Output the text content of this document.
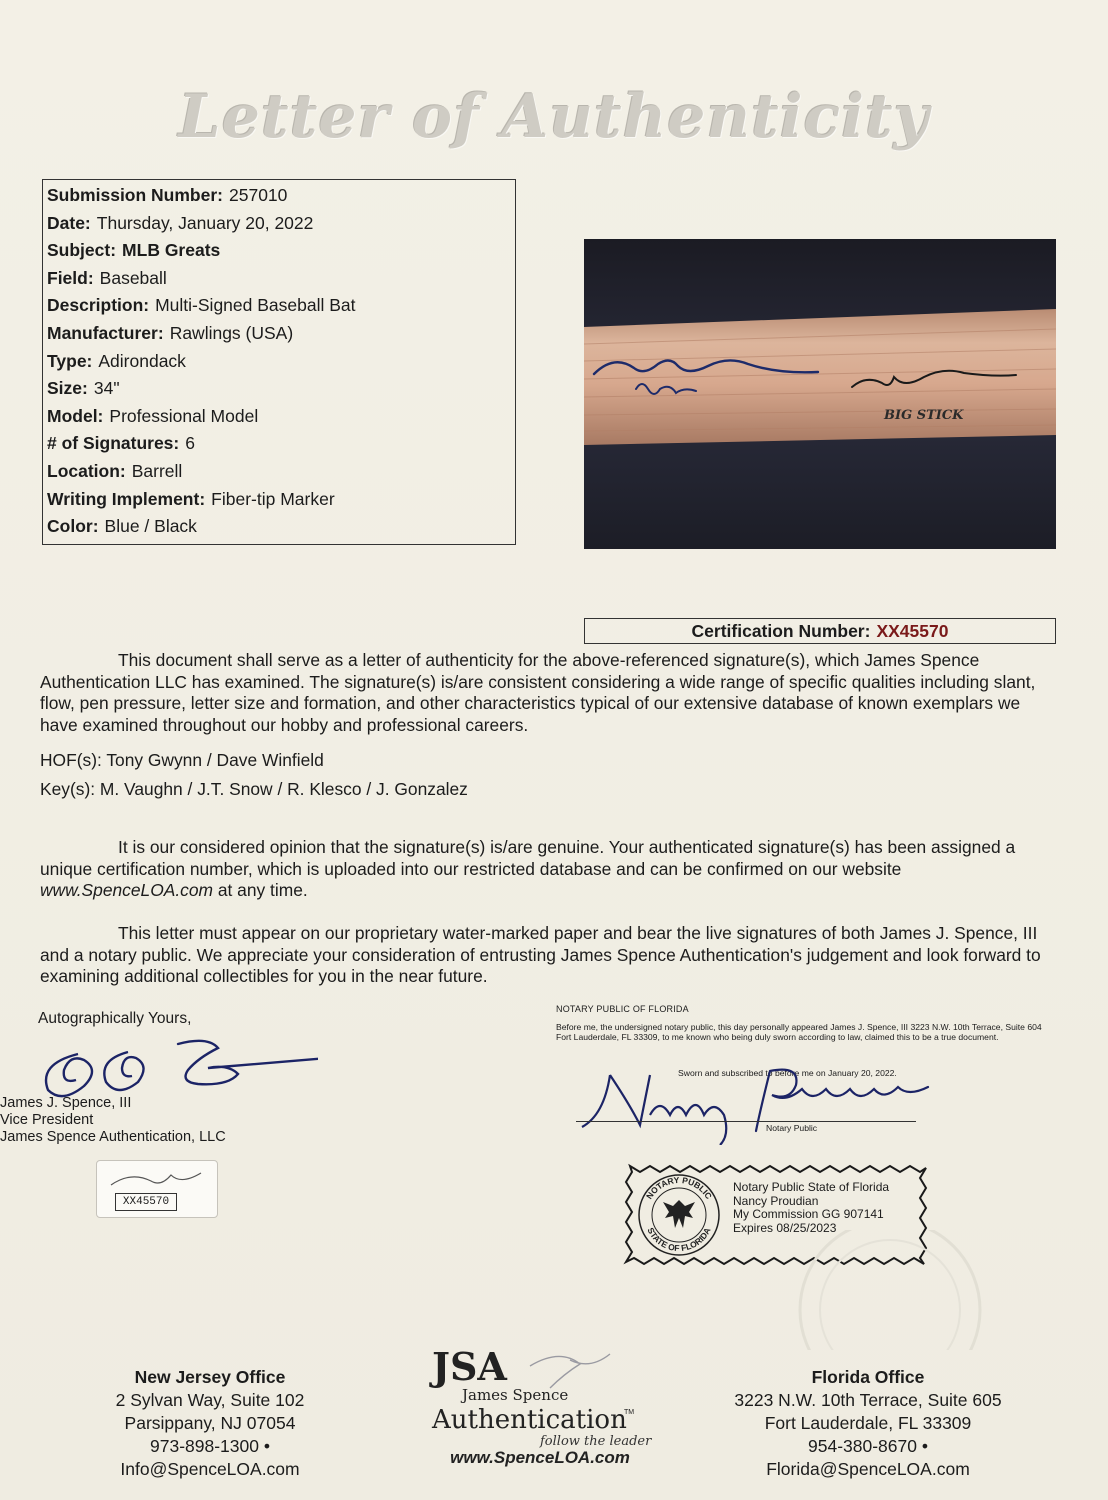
Letter of Authenticity
Submission Number: 257010
Date: Thursday, January 20, 2022
Subject: MLB Greats
Field: Baseball
Description: Multi-Signed Baseball Bat
Manufacturer: Rawlings (USA)
Type: Adirondack
Size: 34"
Model: Professional Model
# of Signatures: 6
Location: Barrell
Writing Implement: Fiber-tip Marker
Color: Blue / Black
BIG STICK
Certification Number: XX45570

This document shall serve as a letter of authenticity for the above-referenced signature(s), which James Spence Authentication LLC has examined. The signature(s) is/are consistent considering a wide range of specific qualities including slant, flow, pen pressure, letter size and formation, and other characteristics typical of our extensive database of known exemplars we have examined throughout our hobby and professional careers.

HOF(s): Tony Gwynn / Dave Winfield
Key(s): M. Vaughn / J.T. Snow / R. Klesco / J. Gonzalez

It is our considered opinion that the signature(s) is/are genuine. Your authenticated signature(s) has been assigned a unique certification number, which is uploaded into our restricted database and can be confirmed on our website www.SpenceLOA.com at any time.

This letter must appear on our proprietary water-marked paper and bear the live signatures of both James J. Spence, III and a notary public. We appreciate your consideration of entrusting James Spence Authentication's judgement and look forward to examining additional collectibles for you in the near future.

Autographically Yours,
James J. Spence, III
Vice President
James Spence Authentication, LLC
XX45570
NOTARY PUBLIC OF FLORIDA
Before me, the undersigned notary public, this day personally appeared James J. Spence, III 3223 N.W. 10th Terrace, Suite 604 Fort Lauderdale, FL 33309, to me known who being duly sworn according to law, claimed this to be a true document.
Sworn and subscribed to before me on January 20, 2022.
Notary Public
NOTARY PUBLIC
STATE OF FLORIDA
Notary Public State of Florida
Nancy Proudian
My Commission GG 907141
Expires 08/25/2023
New Jersey Office
2 Sylvan Way, Suite 102
Parsippany, NJ 07054
973-898-1300 • Info@SpenceLOA.com
JSA
James Spence
Authentication
TM
follow the leader
www.SpenceLOA.com
Florida Office
3223 N.W. 10th Terrace, Suite 605
Fort Lauderdale, FL 33309
954-380-8670 • Florida@SpenceLOA.com
